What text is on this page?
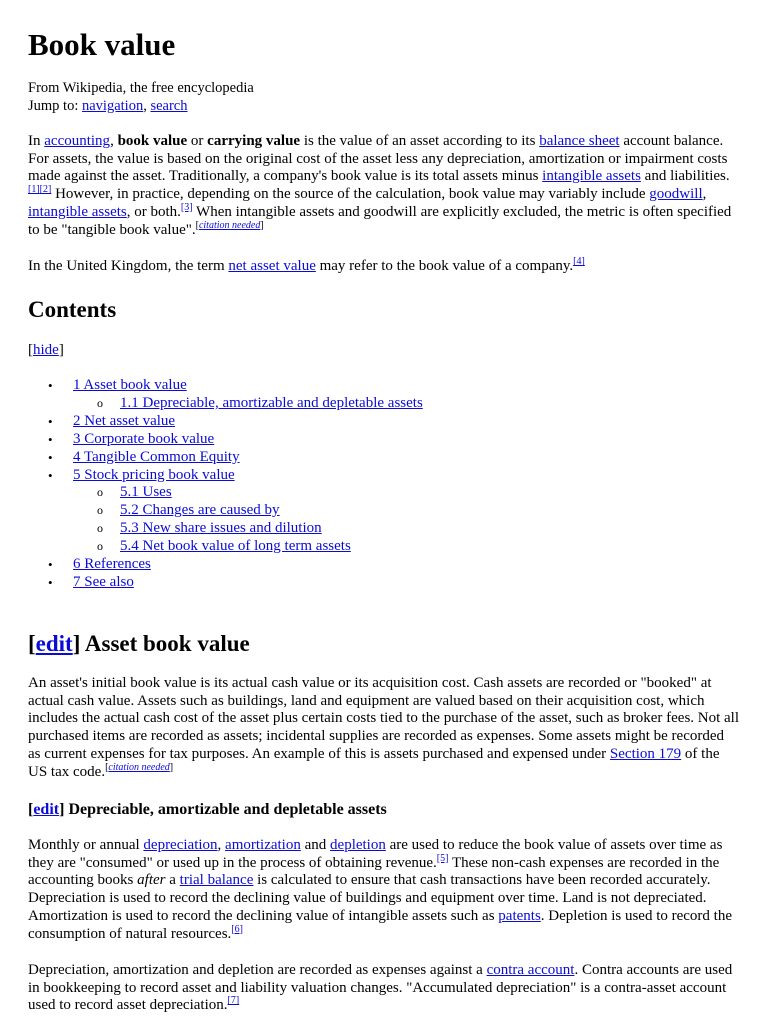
Book value
From Wikipedia, the free encyclopedia
Jump to: navigation, search

In accounting, book value or carrying value is the value of an asset according to its balance sheet account balance. For assets, the value is based on the original cost of the asset less any depreciation, amortization or impairment costs made against the asset. Traditionally, a company's book value is its total assets minus intangible assets and liabilities.[1][2] However, in practice, depending on the source of the calculation, book value may variably include goodwill, intangible assets, or both.[3] When intangible assets and goodwill are explicitly excluded, the metric is often specified to be "tangible book value".[citation needed]

In the United Kingdom, the term net asset value may refer to the book value of a company.[4]

Contents
[hide]
• 1 Asset book value
o 1.1 Depreciable, amortizable and depletable assets
• 2 Net asset value
• 3 Corporate book value
• 4 Tangible Common Equity
• 5 Stock pricing book value
o 5.1 Uses
o 5.2 Changes are caused by
o 5.3 New share issues and dilution
o 5.4 Net book value of long term assets
• 6 References
• 7 See also
[edit] Asset book value

An asset's initial book value is its actual cash value or its acquisition cost. Cash assets are recorded or "booked" at actual cash value. Assets such as buildings, land and equipment are valued based on their acquisition cost, which includes the actual cash cost of the asset plus certain costs tied to the purchase of the asset, such as broker fees. Not all purchased items are recorded as assets; incidental supplies are recorded as expenses. Some assets might be recorded as current expenses for tax purposes. An example of this is assets purchased and expensed under Section 179 of the US tax code.[citation needed]

[edit] Depreciable, amortizable and depletable assets

Monthly or annual depreciation, amortization and depletion are used to reduce the book value of assets over time as they are "consumed" or used up in the process of obtaining revenue.[5] These non-cash expenses are recorded in the accounting books after a trial balance is calculated to ensure that cash transactions have been recorded accurately. Depreciation is used to record the declining value of buildings and equipment over time. Land is not depreciated. Amortization is used to record the declining value of intangible assets such as patents. Depletion is used to record the consumption of natural resources.[6]

Depreciation, amortization and depletion are recorded as expenses against a contra account. Contra accounts are used in bookkeeping to record asset and liability valuation changes. "Accumulated depreciation" is a contra-asset account used to record asset depreciation.[7]
